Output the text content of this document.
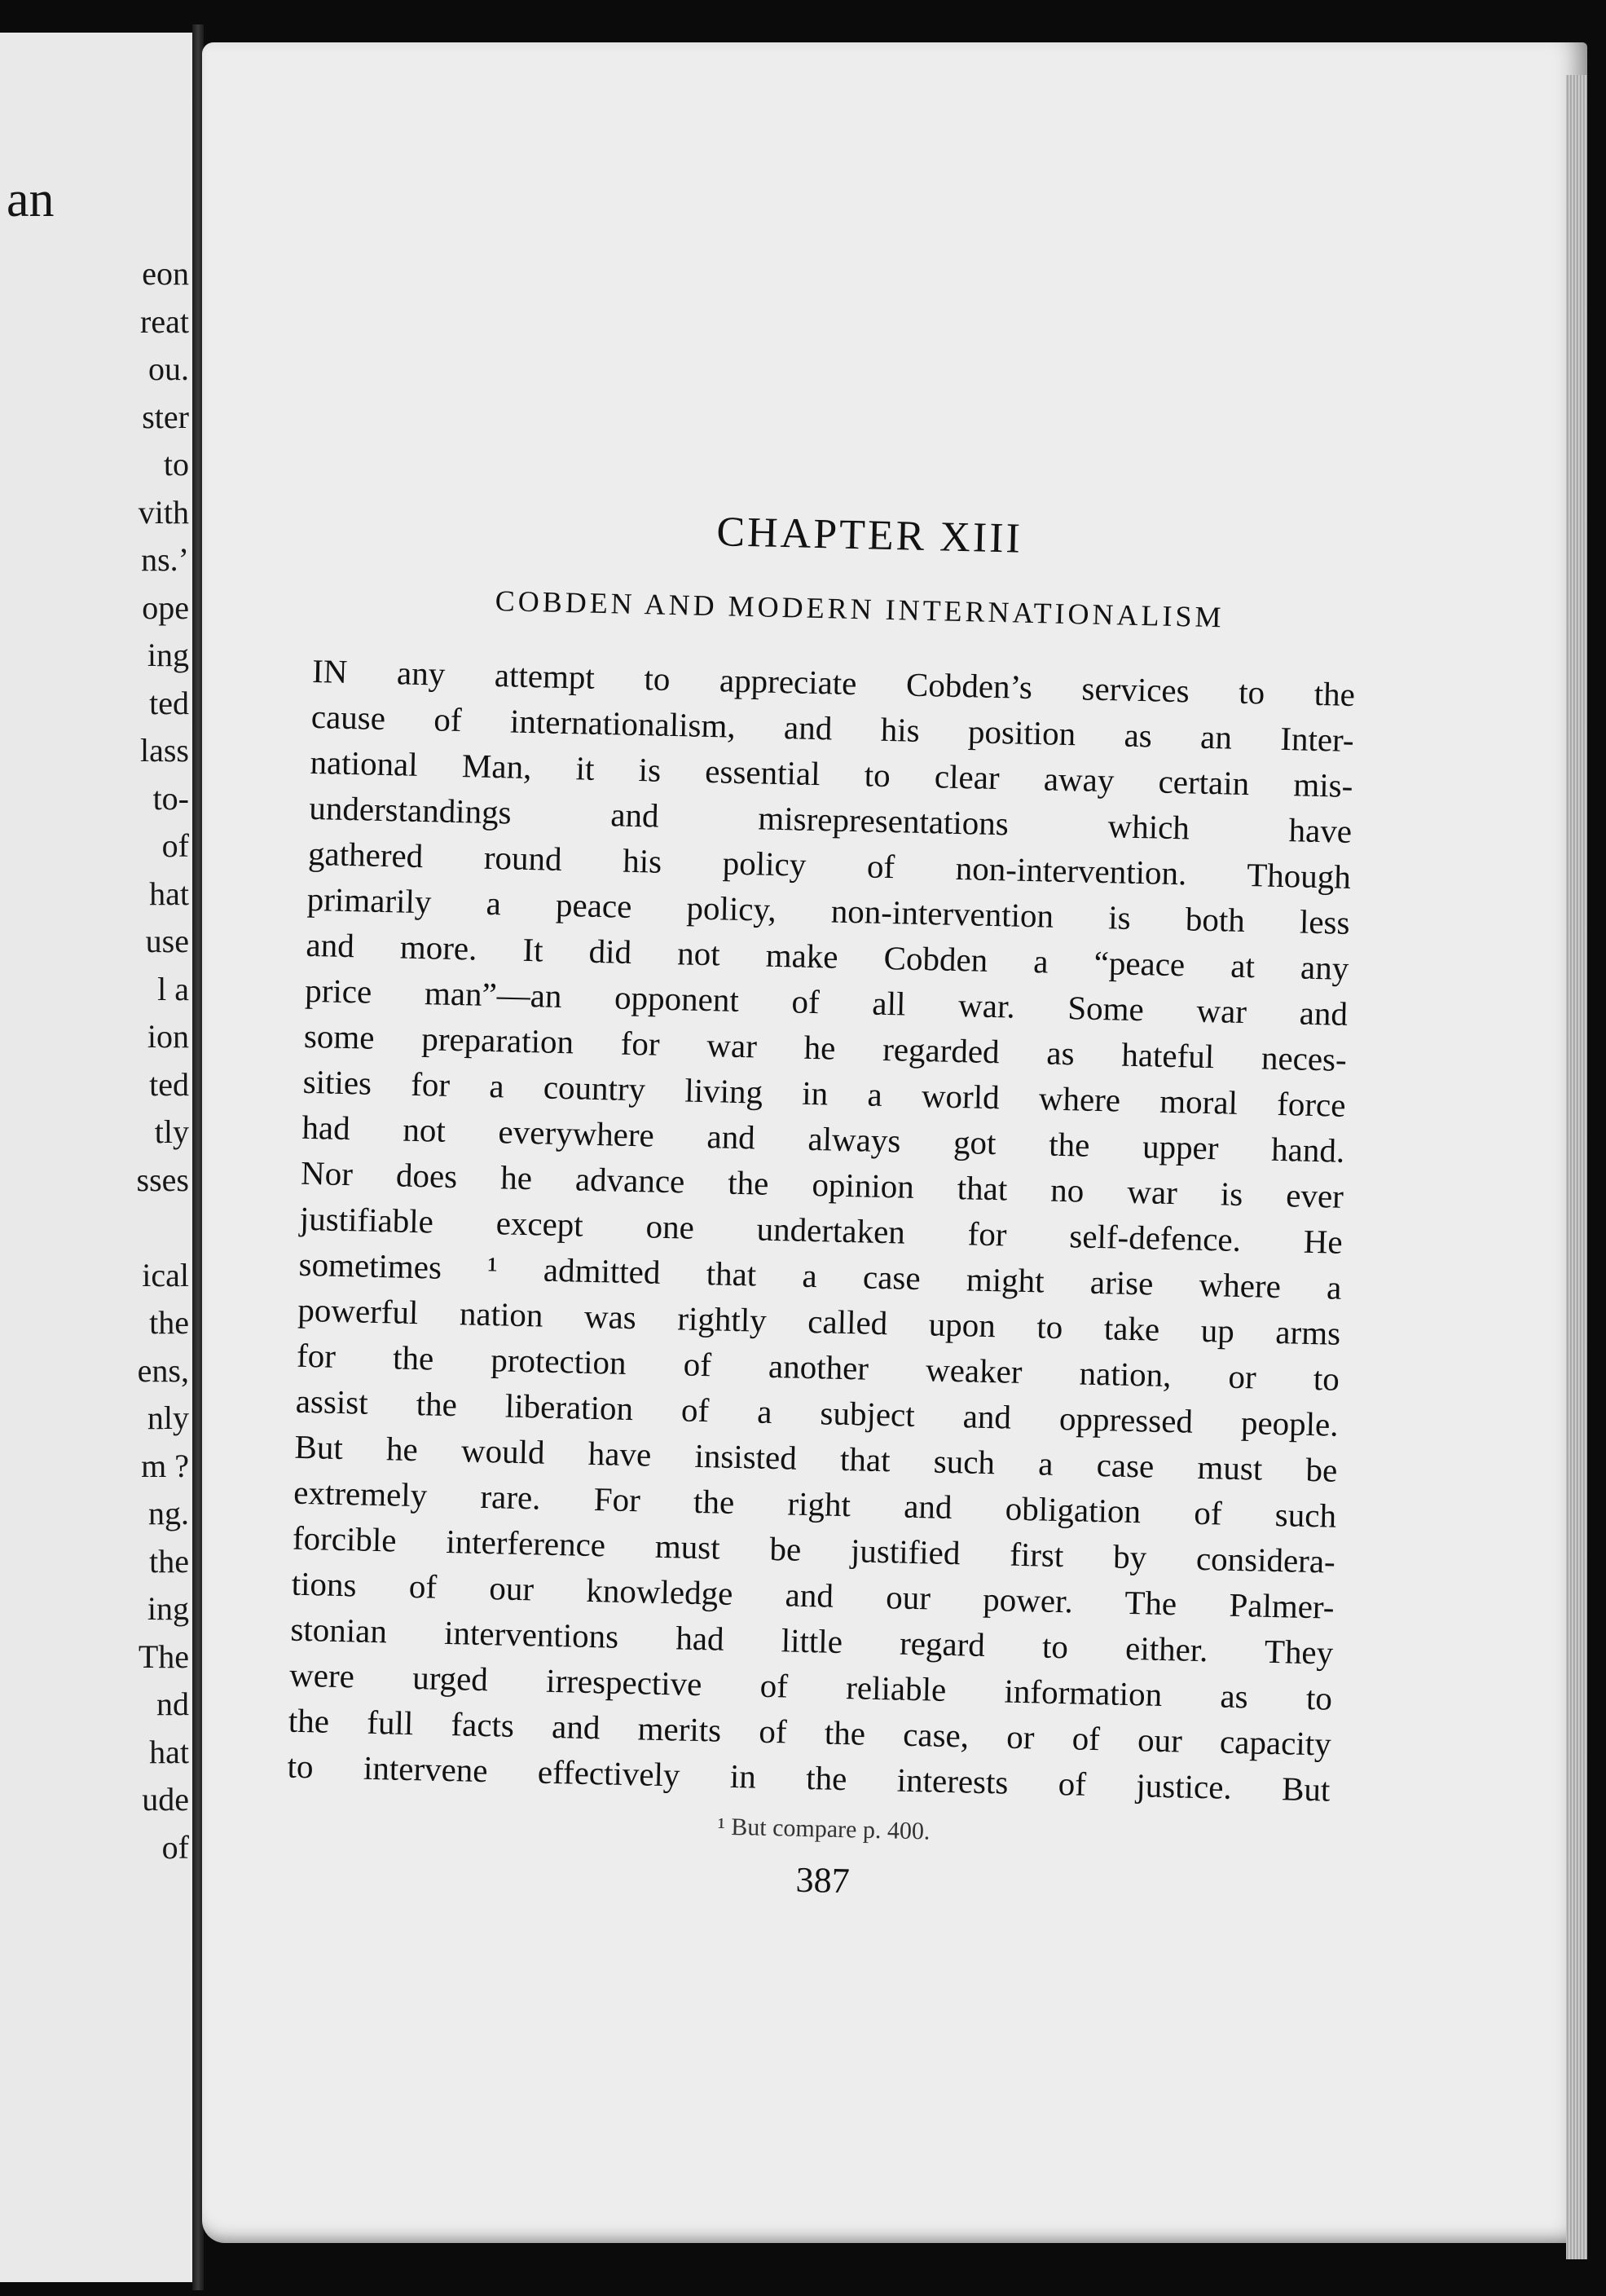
an
eon
reat
ou.
ster
to
vith
ns.’
ope
ing
ted
lass
to-
of
hat
use
l a
ion
ted
tly
sses
ical
the
ens,
nly
m ?
ng.
the
ing
The
nd
hat
ude
of
CHAPTER XIII
COBDEN AND MODERN INTERNATIONALISM
IN any attempt to appreciate Cobden’s services to the
cause of internationalism, and his position as an Inter-
national Man, it is essential to clear away certain mis-
understandings and misrepresentations which have
gathered round his policy of non-intervention. Though
primarily a peace policy, non-intervention is both less
and more. It did not make Cobden a “peace at any
price man”—an opponent of all war. Some war and
some preparation for war he regarded as hateful neces-
sities for a country living in a world where moral force
had not everywhere and always got the upper hand.
Nor does he advance the opinion that no war is ever
justifiable except one undertaken for self-defence. He
sometimes ¹ admitted that a case might arise where a
powerful nation was rightly called upon to take up arms
for the protection of another weaker nation, or to
assist the liberation of a subject and oppressed people.
But he would have insisted that such a case must be
extremely rare. For the right and obligation of such
forcible interference must be justified first by considera-
tions of our knowledge and our power. The Palmer-
stonian interventions had little regard to either. They
were urged irrespective of reliable information as to
the full facts and merits of the case, or of our capacity
to intervene effectively in the interests of justice. But
¹ But compare p. 400.
387
